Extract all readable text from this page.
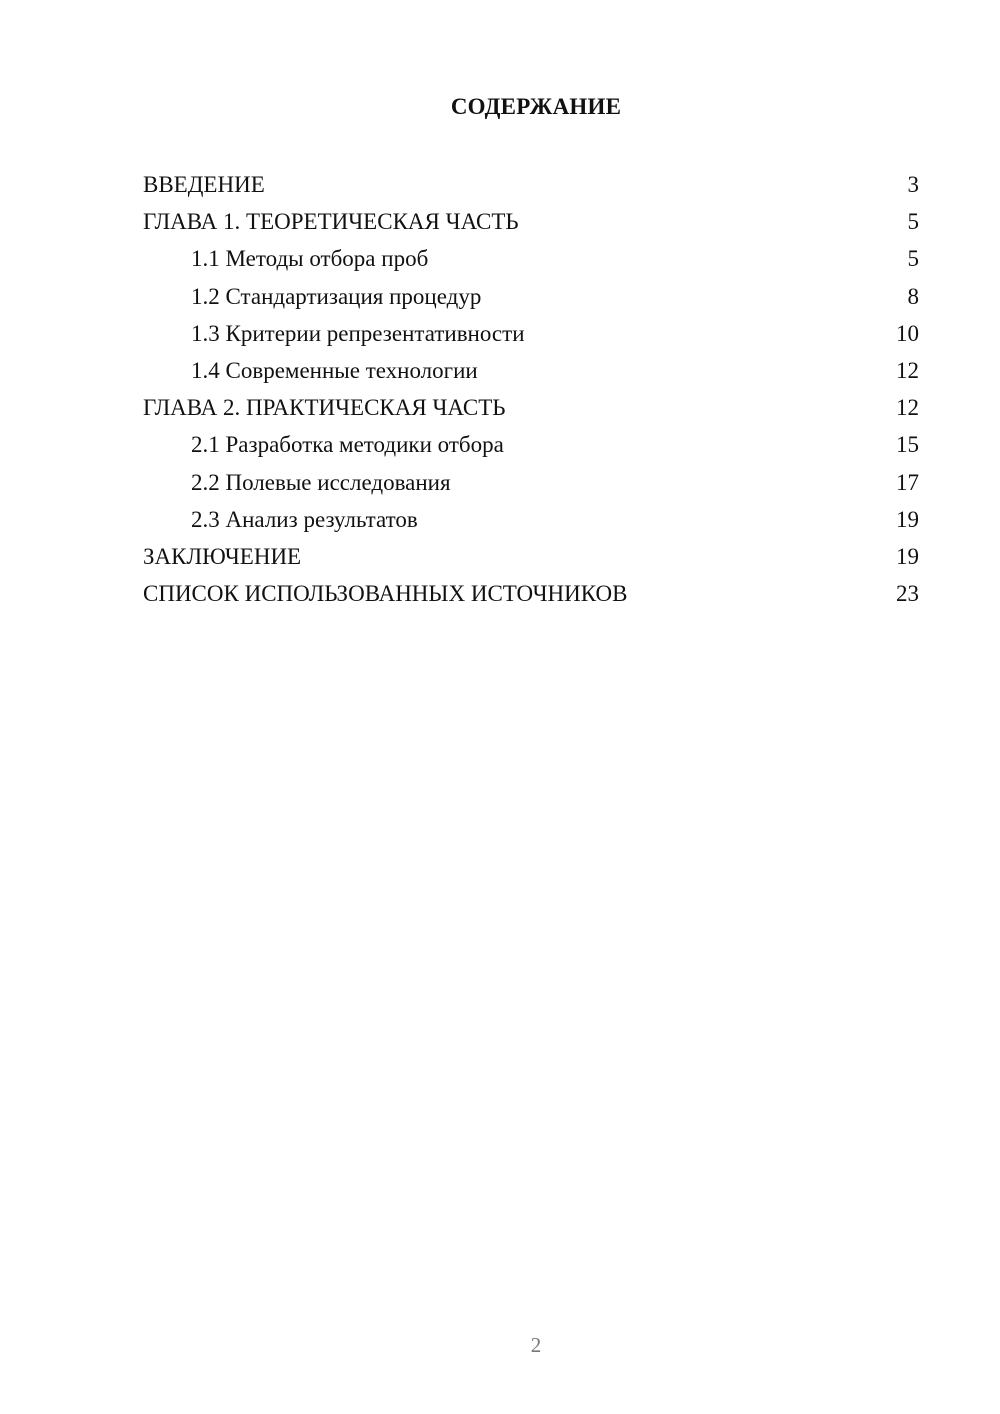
СОДЕРЖАНИЕ
ВВЕДЕНИЕ	3
ГЛАВА 1. ТЕОРЕТИЧЕСКАЯ ЧАСТЬ	5
1.1 Методы отбора проб	5
1.2 Стандартизация процедур	8
1.3 Критерии репрезентативности	10
1.4 Современные технологии	12
ГЛАВА 2. ПРАКТИЧЕСКАЯ ЧАСТЬ	12
2.1 Разработка методики отбора	15
2.2 Полевые исследования	17
2.3 Анализ результатов	19
ЗАКЛЮЧЕНИЕ	19
СПИСОК ИСПОЛЬЗОВАННЫХ ИСТОЧНИКОВ	23
2
